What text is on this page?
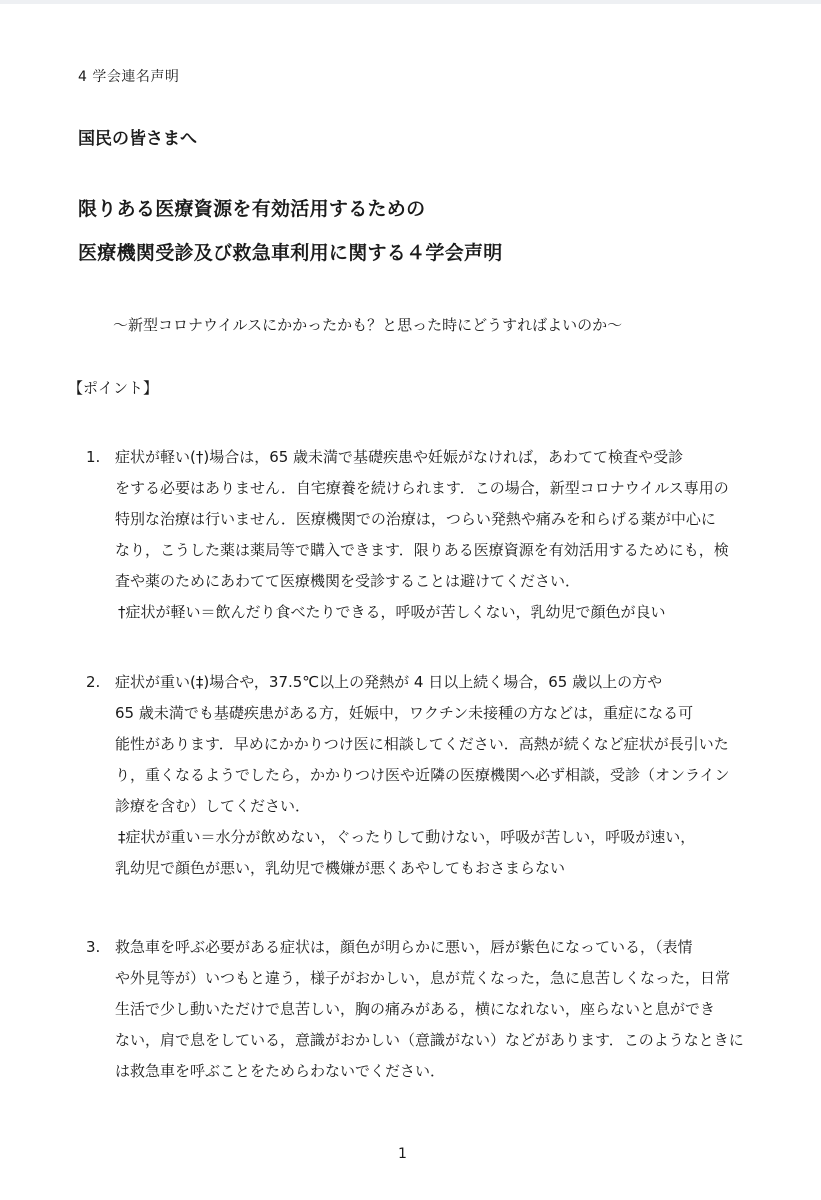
4 学会連名声明
国民の皆さまへ
限りある医療資源を有効活用するための
医療機関受診及び救急車利用に関する４学会声明
～新型コロナウイルスにかかったかも？と思った時にどうすればよいのか～
【ポイント】
1. 症状が軽い(†)場合は，65 歳未満で基礎疾患や妊娠がなければ，あわてて検査や受診
をする必要はありません．自宅療養を続けられます．この場合，新型コロナウイルス専用の
特別な治療は行いません．医療機関での治療は，つらい発熱や痛みを和らげる薬が中心に
なり，こうした薬は薬局等で購入できます．限りある医療資源を有効活用するためにも，検
査や薬のためにあわてて医療機関を受診することは避けてください．
†症状が軽い＝飲んだり食べたりできる，呼吸が苦しくない，乳幼児で顔色が良い
2. 症状が重い(‡)場合や，37.5℃以上の発熱が 4 日以上続く場合，65 歳以上の方や
65 歳未満でも基礎疾患がある方，妊娠中，ワクチン未接種の方などは，重症になる可
能性があります．早めにかかりつけ医に相談してください．高熱が続くなど症状が長引いた
り，重くなるようでしたら，かかりつけ医や近隣の医療機関へ必ず相談，受診（オンライン
診療を含む）してください．
‡症状が重い＝水分が飲めない，ぐったりして動けない，呼吸が苦しい，呼吸が速い，
乳幼児で顔色が悪い，乳幼児で機嫌が悪くあやしてもおさまらない
3. 救急車を呼ぶ必要がある症状は，顔色が明らかに悪い，唇が紫色になっている，（表情
や外見等が）いつもと違う，様子がおかしい，息が荒くなった，急に息苦しくなった，日常
生活で少し動いただけで息苦しい，胸の痛みがある，横になれない，座らないと息ができ
ない，肩で息をしている，意識がおかしい（意識がない）などがあります．このようなときに
は救急車を呼ぶことをためらわないでください．
1
